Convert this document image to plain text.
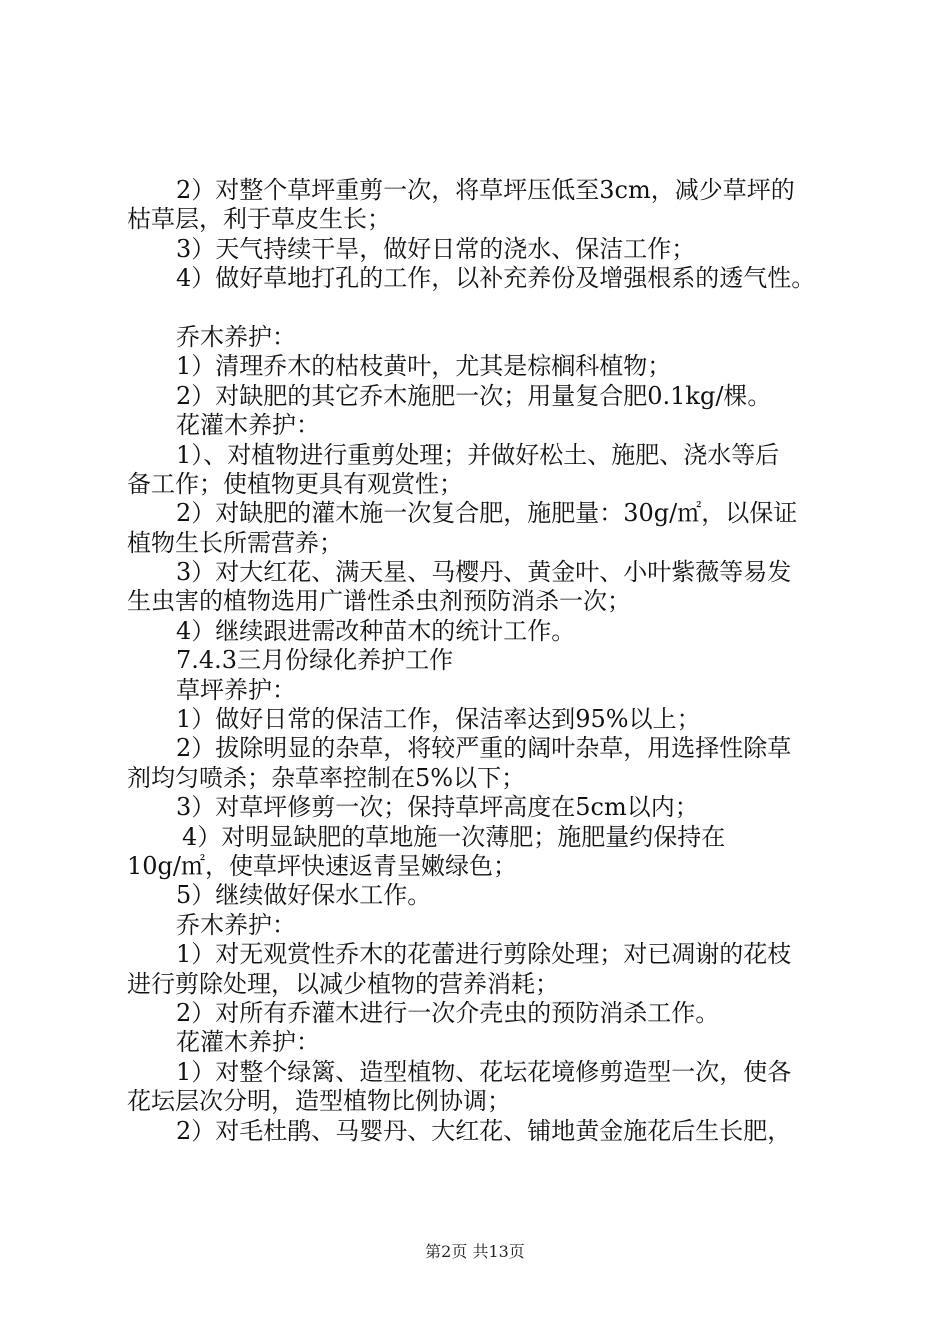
2）对整个草坪重剪一次，将草坪压低至3cm，减少草坪的
枯草层，利于草皮生长；
3）天气持续干旱，做好日常的浇水、保洁工作；
4）做好草地打孔的工作，以补充养份及增强根系的透气性。
乔木养护：
1）清理乔木的枯枝黄叶，尤其是棕榈科植物；
2）对缺肥的其它乔木施肥一次；用量复合肥0.1kg/棵。
花灌木养护：
1）、对植物进行重剪处理；并做好松土、施肥、浇水等后
备工作；使植物更具有观赏性；
2）对缺肥的灌木施一次复合肥，施肥量：30g/㎡，以保证
植物生长所需营养；
3）对大红花、满天星、马樱丹、黄金叶、小叶紫薇等易发
生虫害的植物选用广谱性杀虫剂预防消杀一次；
4）继续跟进需改种苗木的统计工作。
7.4.3三月份绿化养护工作
草坪养护：
1）做好日常的保洁工作，保洁率达到95%以上；
2）拔除明显的杂草，将较严重的阔叶杂草，用选择性除草
剂均匀喷杀；杂草率控制在5%以下；
3）对草坪修剪一次；保持草坪高度在5cm以内；
4）对明显缺肥的草地施一次薄肥；施肥量约保持在
10g/㎡，使草坪快速返青呈嫩绿色；
5）继续做好保水工作。
乔木养护：
1）对无观赏性乔木的花蕾进行剪除处理；对已凋谢的花枝
进行剪除处理，以减少植物的营养消耗；
2）对所有乔灌木进行一次介壳虫的预防消杀工作。
花灌木养护：
1）对整个绿篱、造型植物、花坛花境修剪造型一次，使各
花坛层次分明，造型植物比例协调；
2）对毛杜鹃、马婴丹、大红花、铺地黄金施花后生长肥，
第2页 共13页
